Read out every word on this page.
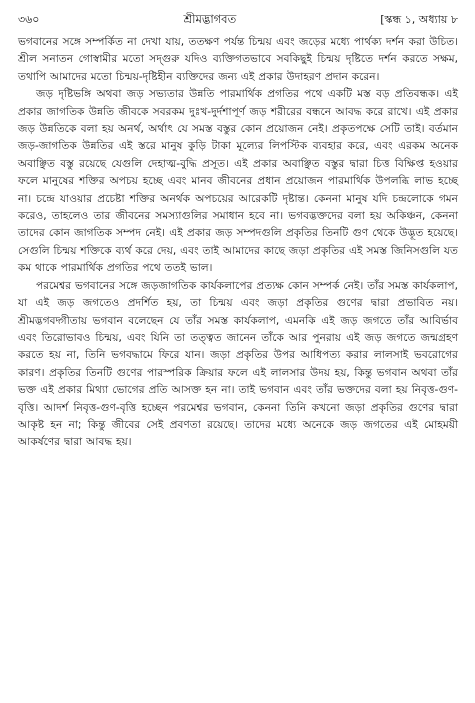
৩৬০	শ্রীমদ্ভাগবত	[স্কন্ধ ১, অধ্যায় ৮

ভগবানের সঙ্গে সম্পর্কিত না দেখা যায়, ততক্ষণ পর্যন্ত চিন্ময় এবং জড়ের মধ্যে পার্থক্য দর্শন করা উচিত। শ্রীল সনাতন গোস্বামীর মতো সদ্গুরু যদিও ব্যক্তিগতভাবে সবকিছুই চিন্ময় দৃষ্টিতে দর্শন করতে সক্ষম, তথাপি আমাদের মতো চিন্ময়-দৃষ্টিহীন ব্যক্তিদের জন্য এই প্রকার উদাহরণ প্রদান করেন।

জড় দৃষ্টিভঙ্গি অথবা জড় সভ্যতার উন্নতি পারমার্থিক প্রগতির পথে একটি মস্ত বড় প্রতিবন্ধক। এই প্রকার জাগতিক উন্নতি জীবকে সবরকম দুঃখ-দুর্দশাপূর্ণ জড় শরীরের বন্ধনে আবদ্ধ করে রাখে। এই প্রকার জড় উন্নতিকে বলা হয় অনর্থ, অর্থাৎ যে সমস্ত বস্তুর কোন প্রয়োজন নেই। প্রকৃতপক্ষে সেটি তাই। বর্তমান জড়-জাগতিক উন্নতির এই স্তরে মানুষ কুড়ি টাকা মূল্যের লিপস্টিক ব্যবহার করে, এবং এরকম অনেক অবাঞ্ছিত বস্তু রয়েছে যেগুলি দেহাত্ম-বুদ্ধি প্রসূত। এই প্রকার অবাঞ্ছিত বস্তুর দ্বারা চিত্ত বিক্ষিপ্ত হওয়ার ফলে মানুষের শক্তির অপচয় হচ্ছে এবং মানব জীবনের প্রধান প্রয়োজন পারমার্থিক উপলব্ধি লাভ হচ্ছে না। চন্দ্রে যাওয়ার প্রচেষ্টা শক্তির অনর্থক অপচয়ের আরেকটি দৃষ্টান্ত। কেননা মানুষ যদি চন্দ্রলোকে গমন করেও, তাহলেও তার জীবনের সমস্যাগুলির সমাধান হবে না। ভগবদ্ভক্তদের বলা হয় অকিঞ্চন, কেননা তাদের কোন জাগতিক সম্পদ নেই। এই প্রকার জড় সম্পদগুলি প্রকৃতির তিনটি গুণ থেকে উদ্ভূত হয়েছে। সেগুলি চিন্ময় শক্তিকে ব্যর্থ করে দেয়, এবং তাই আমাদের কাছে জড়া প্রকৃতির এই সমস্ত জিনিসগুলি যত কম থাকে পারমার্থিক প্রগতির পথে ততই ভাল।

পরমেশ্বর ভগবানের সঙ্গে জড়জাগতিক কার্যকলাপের প্রত্যক্ষ কোন সম্পর্ক নেই। তাঁর সমস্ত কার্যকলাপ, যা এই জড় জগতেও প্রদর্শিত হয়, তা চিন্ময় এবং জড়া প্রকৃতির গুণের দ্বারা প্রভাবিত নয়। শ্রীমদ্ভগবদ্গীতায় ভগবান বলেছেন যে তাঁর সমস্ত কার্যকলাপ, এমনকি এই জড় জগতে তাঁর আবির্ভাব এবং তিরোভাবও চিন্ময়, এবং যিনি তা তত্ত্বত জানেন তাঁকে আর পুনরায় এই জড় জগতে জন্মগ্রহণ করতে হয় না, তিনি ভগবদ্ধামে ফিরে যান। জড়া প্রকৃতির উপর আধিপত্য করার লালসাই ভবরোগের কারণ। প্রকৃতির তিনটি গুণের পারস্পরিক ক্রিয়ার ফলে এই লালসার উদয় হয়, কিন্তু ভগবান অথবা তাঁর ভক্ত এই প্রকার মিথ্যা ভোগের প্রতি আসক্ত হন না। তাই ভগবান এবং তাঁর ভক্তদের বলা হয় নিবৃত্ত-গুণ-বৃত্তি। আদর্শ নিবৃত্ত-গুণ-বৃত্তি হচ্ছেন পরমেশ্বর ভগবান, কেননা তিনি কখনো জড়া প্রকৃতির গুণের দ্বারা আকৃষ্ট হন না; কিন্তু জীবের সেই প্রবণতা রয়েছে। তাদের মধ্যে অনেকে জড় জগতের এই মোহময়ী আকর্ষণের দ্বারা আবদ্ধ হয়।
